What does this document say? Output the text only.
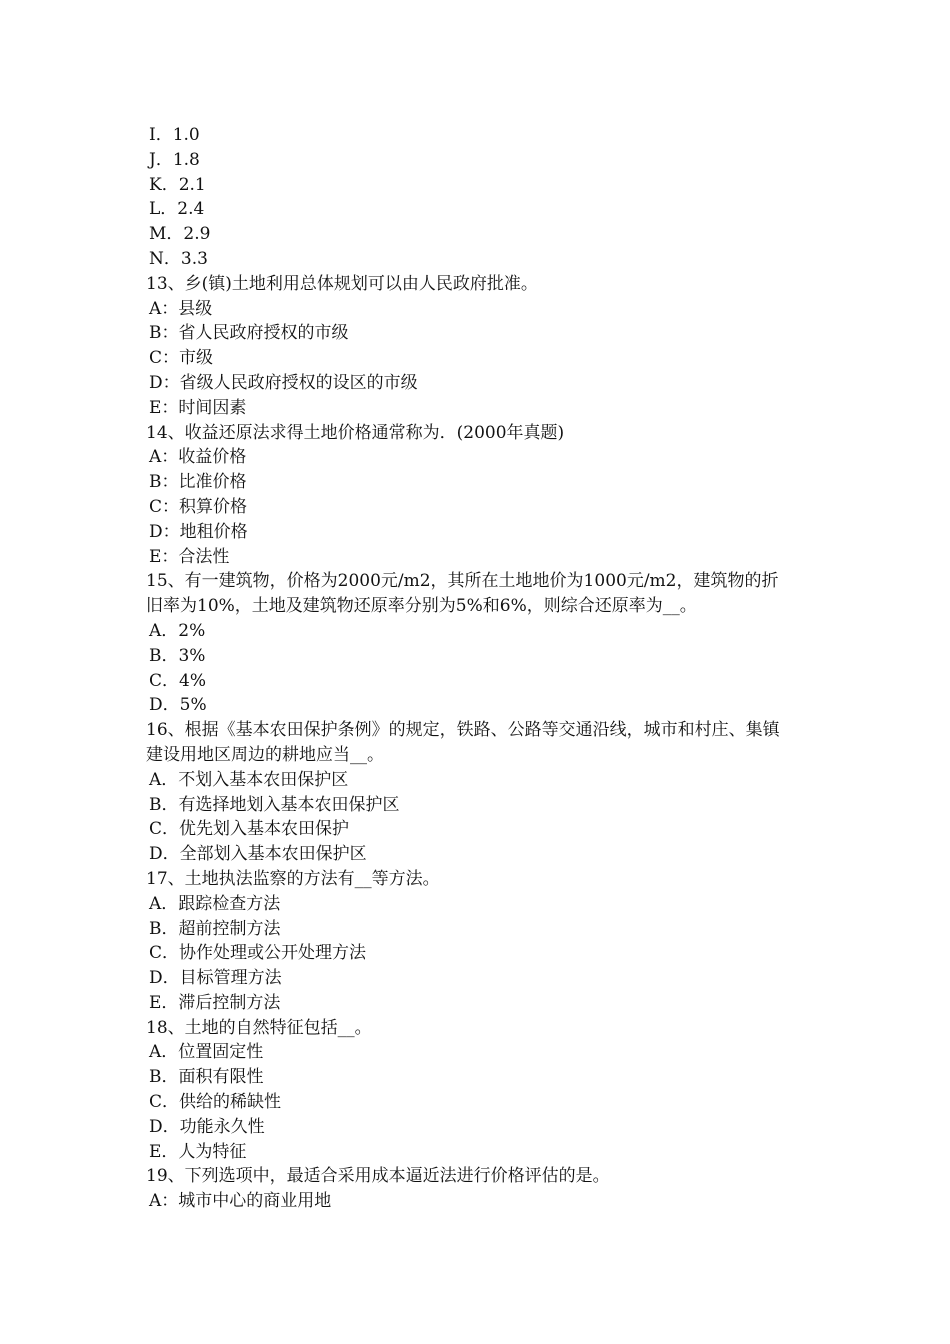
I．1.0
J．1.8
K．2.1
L．2.4
M．2.9
N．3.3
13、乡(镇)土地利用总体规划可以由人民政府批准。
A：县级
B：省人民政府授权的市级
C：市级
D：省级人民政府授权的设区的市级
E：时间因素
14、收益还原法求得土地价格通常称为．(2000年真题)
A：收益价格
B：比准价格
C：积算价格
D：地租价格
E：合法性
15、有一建筑物，价格为2000元/m2，其所在土地地价为1000元/m2，建筑物的折
旧率为10%，土地及建筑物还原率分别为5%和6%，则综合还原率为__。
A．2%
B．3%
C．4%
D．5%
16、根据《基本农田保护条例》的规定，铁路、公路等交通沿线，城市和村庄、集镇
建设用地区周边的耕地应当__。
A．不划入基本农田保护区
B．有选择地划入基本农田保护区
C．优先划入基本农田保护
D．全部划入基本农田保护区
17、土地执法监察的方法有__等方法。
A．跟踪检查方法
B．超前控制方法
C．协作处理或公开处理方法
D．目标管理方法
E．滞后控制方法
18、土地的自然特征包括__。
A．位置固定性
B．面积有限性
C．供给的稀缺性
D．功能永久性
E．人为特征
19、下列选项中，最适合采用成本逼近法进行价格评估的是。
A：城市中心的商业用地
